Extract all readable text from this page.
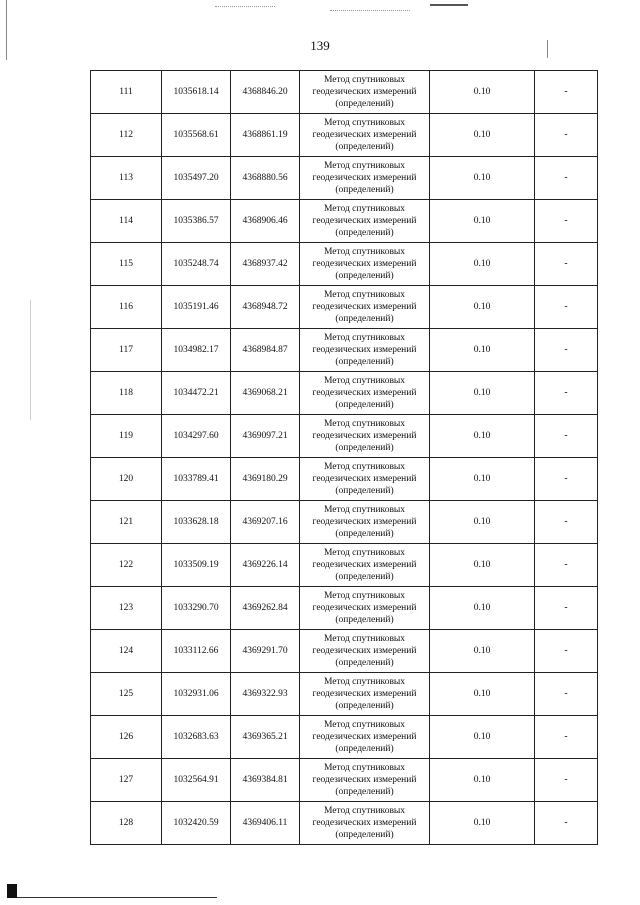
139
111	1035618.14	4368846.20	Метод спутниковых
геодезических измерений
(определений)	0.10	-
112	1035568.61	4368861.19	Метод спутниковых
геодезических измерений
(определений)	0.10	-
113	1035497.20	4368880.56	Метод спутниковых
геодезических измерений
(определений)	0.10	-
114	1035386.57	4368906.46	Метод спутниковых
геодезических измерений
(определений)	0.10	-
115	1035248.74	4368937.42	Метод спутниковых
геодезических измерений
(определений)	0.10	-
116	1035191.46	4368948.72	Метод спутниковых
геодезических измерений
(определений)	0.10	-
117	1034982.17	4368984.87	Метод спутниковых
геодезических измерений
(определений)	0.10	-
118	1034472.21	4369068.21	Метод спутниковых
геодезических измерений
(определений)	0.10	-
119	1034297.60	4369097.21	Метод спутниковых
геодезических измерений
(определений)	0.10	-
120	1033789.41	4369180.29	Метод спутниковых
геодезических измерений
(определений)	0.10	-
121	1033628.18	4369207.16	Метод спутниковых
геодезических измерений
(определений)	0.10	-
122	1033509.19	4369226.14	Метод спутниковых
геодезических измерений
(определений)	0.10	-
123	1033290.70	4369262.84	Метод спутниковых
геодезических измерений
(определений)	0.10	-
124	1033112.66	4369291.70	Метод спутниковых
геодезических измерений
(определений)	0.10	-
125	1032931.06	4369322.93	Метод спутниковых
геодезических измерений
(определений)	0.10	-
126	1032683.63	4369365.21	Метод спутниковых
геодезических измерений
(определений)	0.10	-
127	1032564.91	4369384.81	Метод спутниковых
геодезических измерений
(определений)	0.10	-
128	1032420.59	4369406.11	Метод спутниковых
геодезических измерений
(определений)	0.10	-
